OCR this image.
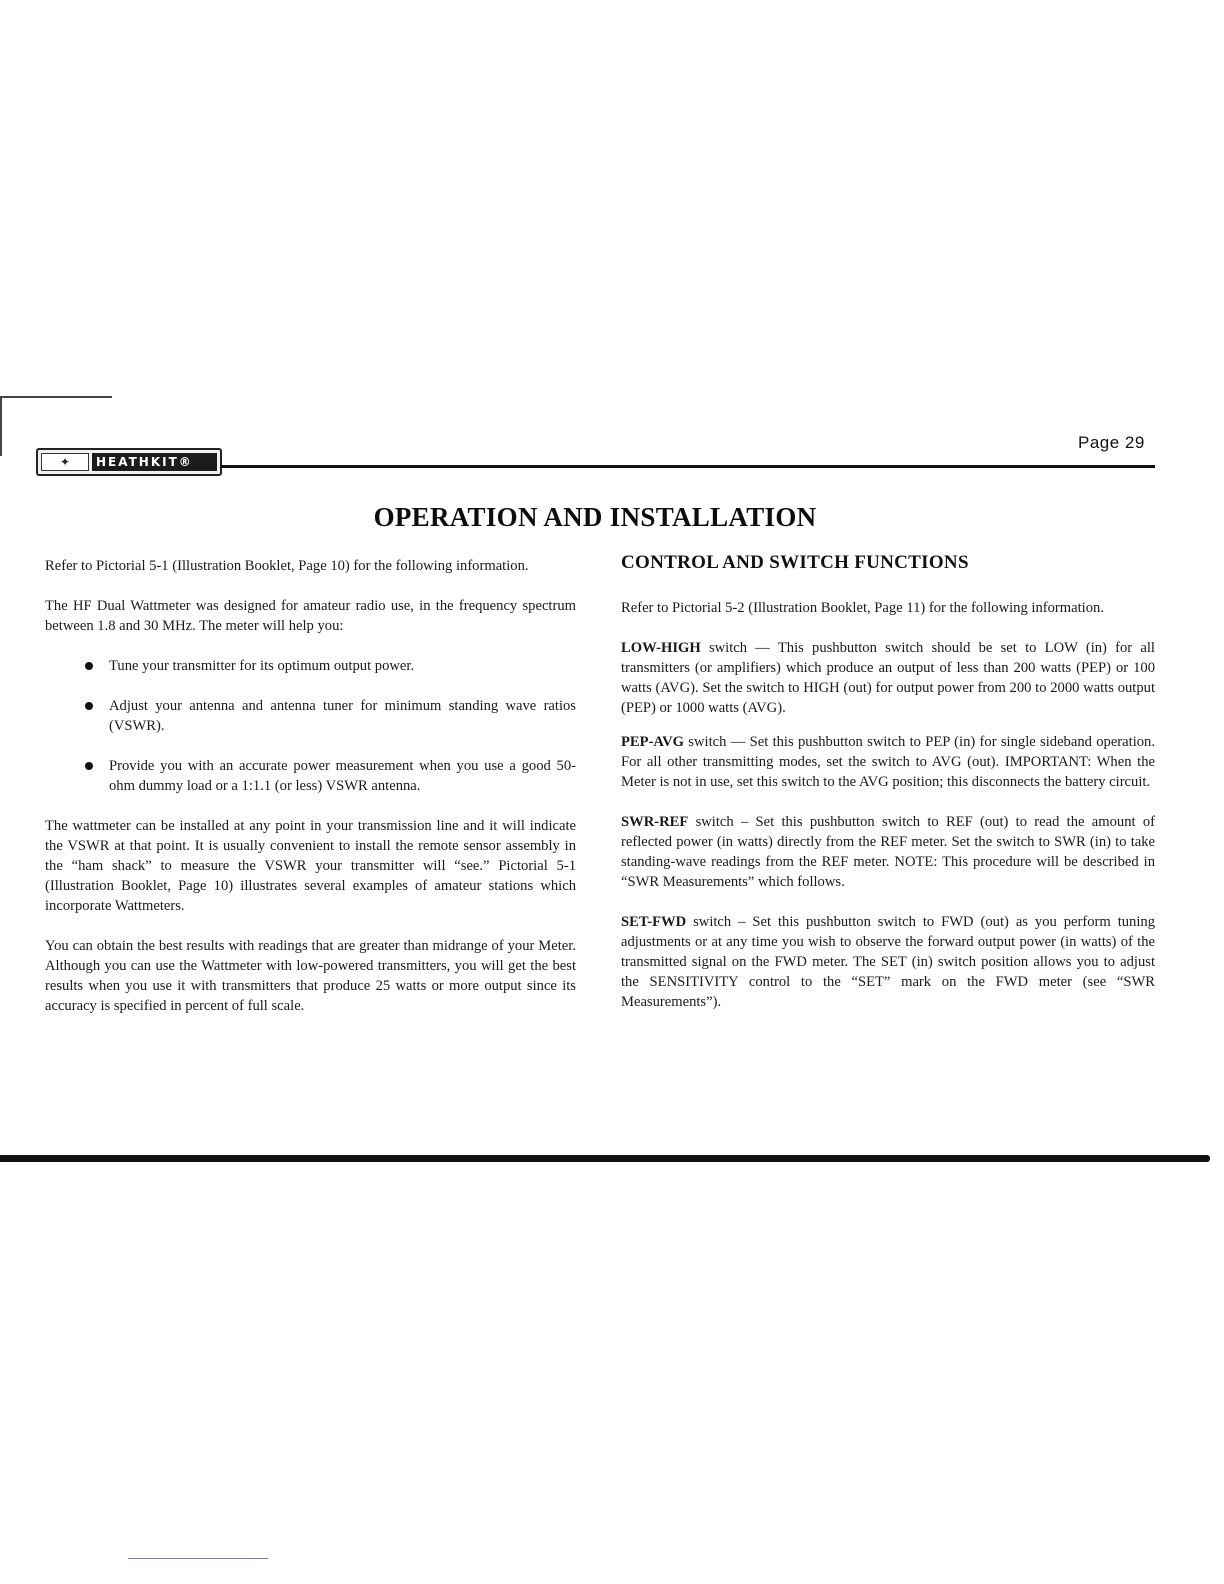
✦	HEATHKIT®
Page 29
OPERATION AND INSTALLATION

Refer to Pictorial 5-1 (Illustration Booklet, Page 10) for the following information.

The HF Dual Wattmeter was designed for amateur radio use, in the frequency spectrum between 1.8 and 30 MHz. The meter will help you:

Tune your transmitter for its optimum output power.
Adjust your antenna and antenna tuner for minimum standing wave ratios (VSWR).
Provide you with an accurate power measurement when you use a good 50-ohm dummy load or a 1:1.1 (or less) VSWR antenna.

The wattmeter can be installed at any point in your transmission line and it will indicate the VSWR at that point. It is usually convenient to install the remote sensor assembly in the “ham shack” to measure the VSWR your transmitter will “see.” Pictorial 5-1 (Illustration Booklet, Page 10) illustrates several examples of amateur stations which incorporate Wattmeters.

You can obtain the best results with readings that are greater than midrange of your Meter. Although you can use the Wattmeter with low-powered transmitters, you will get the best results when you use it with transmitters that produce 25 watts or more output since its accuracy is specified in percent of full scale.

CONTROL AND SWITCH FUNCTIONS

Refer to Pictorial 5-2 (Illustration Booklet, Page 11) for the following information.

LOW-HIGH switch — This pushbutton switch should be set to LOW (in) for all transmitters (or amplifiers) which produce an output of less than 200 watts (PEP) or 100 watts (AVG). Set the switch to HIGH (out) for output power from 200 to 2000 watts output (PEP) or 1000 watts (AVG).

PEP-AVG switch — Set this pushbutton switch to PEP (in) for single sideband operation. For all other transmitting modes, set the switch to AVG (out). IMPORTANT: When the Meter is not in use, set this switch to the AVG position; this disconnects the battery circuit.

SWR-REF switch – Set this pushbutton switch to REF (out) to read the amount of reflected power (in watts) directly from the REF meter. Set the switch to SWR (in) to take standing-wave readings from the REF meter. NOTE: This procedure will be described in “SWR Measurements” which follows.

SET-FWD switch – Set this pushbutton switch to FWD (out) as you perform tuning adjustments or at any time you wish to observe the forward output power (in watts) of the transmitted signal on the FWD meter. The SET (in) switch position allows you to adjust the SENSITIVITY control to the “SET” mark on the FWD meter (see “SWR Measurements”).
